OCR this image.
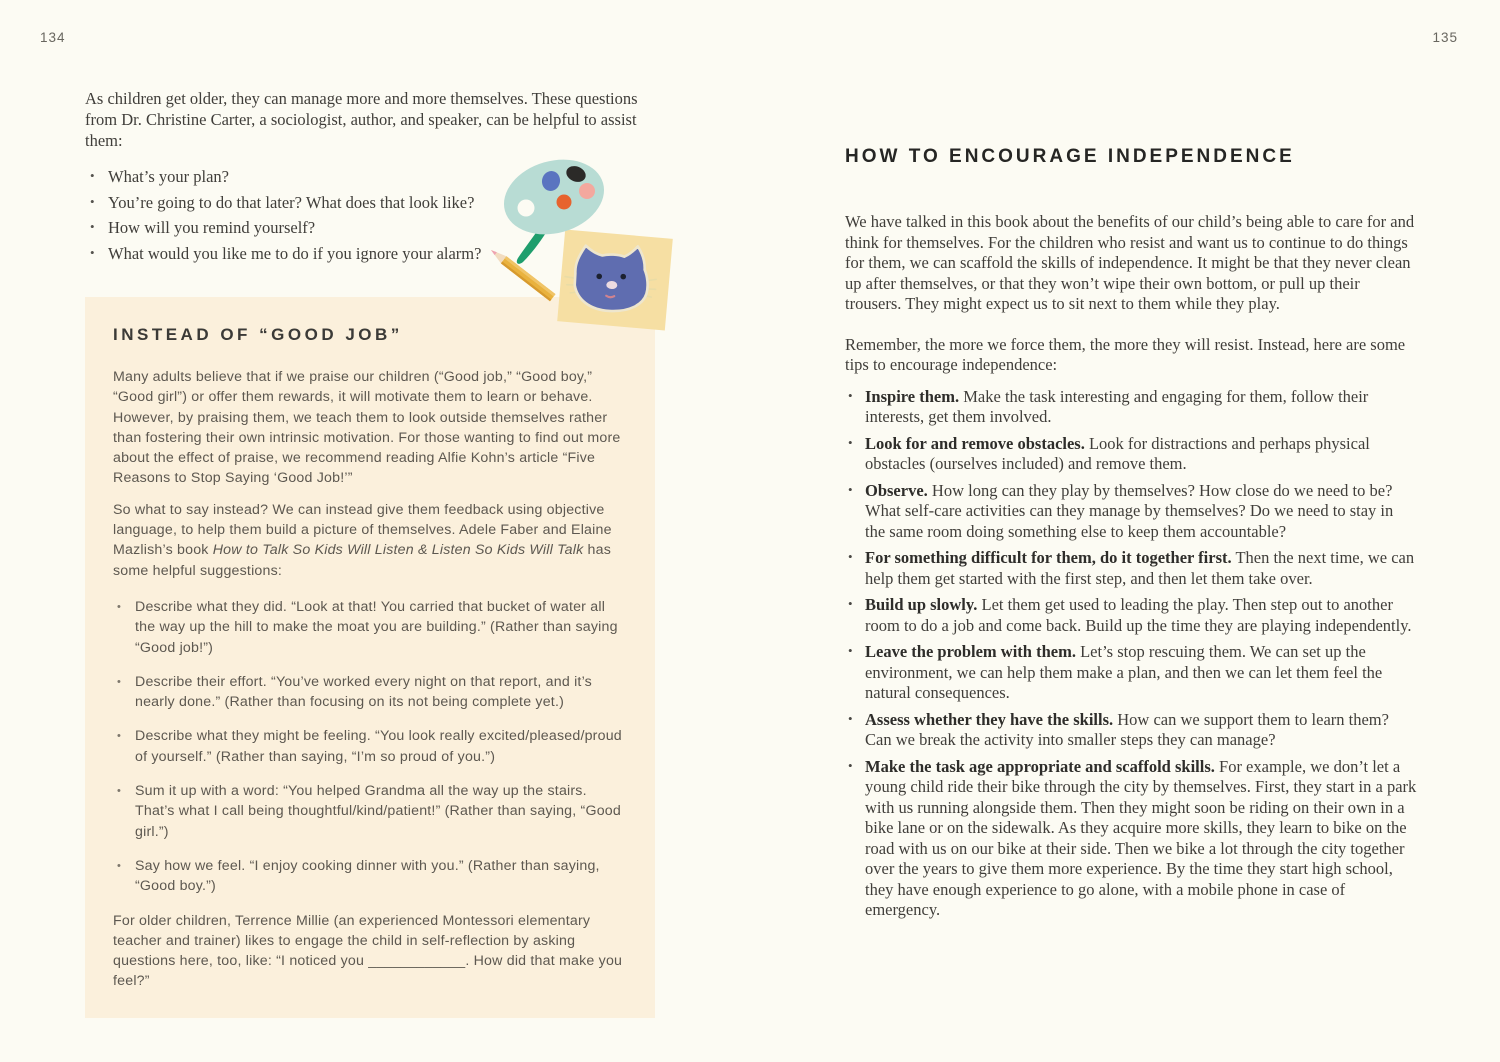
134	135

As children get older, they can manage more and more themselves. These questions from Dr. Christine Carter, a sociologist, author, and speaker, can be helpful to assist them:

• What’s your plan?
• You’re going to do that later? What does that look like?
• How will you remind yourself?
• What would you like me to do if you ignore your alarm?
INSTEAD OF “GOOD JOB”

Many adults believe that if we praise our children (“Good job,” “Good boy,” “Good girl”) or offer them rewards, it will motivate them to learn or behave. However, by praising them, we teach them to look outside themselves rather than fostering their own intrinsic motivation. For those wanting to find out more about the effect of praise, we recommend reading Alfie Kohn’s article “Five Reasons to Stop Saying ‘Good Job!’”

So what to say instead? We can instead give them feedback using objective language, to help them build a picture of themselves. Adele Faber and Elaine Mazlish’s book How to Talk So Kids Will Listen & Listen So Kids Will Talk has some helpful suggestions:

• Describe what they did. “Look at that! You carried that bucket of water all the way up the hill to make the moat you are building.” (Rather than saying “Good job!”)
• Describe their effort. “You’ve worked every night on that report, and it’s nearly done.” (Rather than focusing on its not being complete yet.)
• Describe what they might be feeling. “You look really excited/pleased/proud of yourself.” (Rather than saying, “I’m so proud of you.”)
• Sum it up with a word: “You helped Grandma all the way up the stairs. That’s what I call being thoughtful/kind/patient!” (Rather than saying, “Good girl.”)
• Say how we feel. “I enjoy cooking dinner with you.” (Rather than saying, “Good boy.”)

For older children, Terrence Millie (an experienced Montessori elementary teacher and trainer) likes to engage the child in self-reflection by asking questions here, too, like: “I noticed you ____________. How did that make you feel?”

HOW TO ENCOURAGE INDEPENDENCE

We have talked in this book about the benefits of our child’s being able to care for and think for themselves. For the children who resist and want us to continue to do things for them, we can scaffold the skills of independence. It might be that they never clean up after themselves, or that they won’t wipe their own bottom, or pull up their trousers. They might expect us to sit next to them while they play.

Remember, the more we force them, the more they will resist. Instead, here are some tips to encourage independence:

• Inspire them. Make the task interesting and engaging for them, follow their interests, get them involved.
• Look for and remove obstacles. Look for distractions and perhaps physical obstacles (ourselves included) and remove them.
• Observe. How long can they play by themselves? How close do we need to be? What self-care activities can they manage by themselves? Do we need to stay in the same room doing something else to keep them accountable?
• For something difficult for them, do it together first. Then the next time, we can help them get started with the first step, and then let them take over.
• Build up slowly. Let them get used to leading the play. Then step out to another room to do a job and come back. Build up the time they are playing independently.
• Leave the problem with them. Let’s stop rescuing them. We can set up the environment, we can help them make a plan, and then we can let them feel the natural consequences.
• Assess whether they have the skills. How can we support them to learn them? Can we break the activity into smaller steps they can manage?
• Make the task age appropriate and scaffold skills. For example, we don’t let a young child ride their bike through the city by themselves. First, they start in a park with us running alongside them. Then they might soon be riding on their own in a bike lane or on the sidewalk. As they acquire more skills, they learn to bike on the road with us on our bike at their side. Then we bike a lot through the city together over the years to give them more experience. By the time they start high school, they have enough experience to go alone, with a mobile phone in case of emergency.
